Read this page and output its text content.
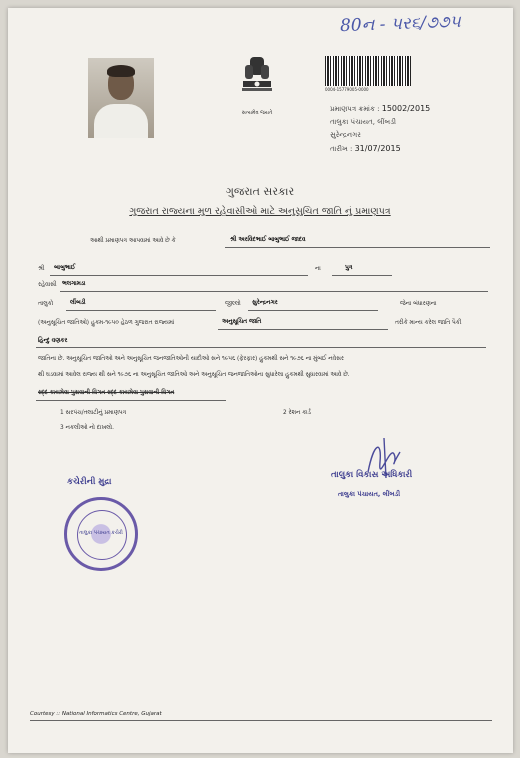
80ન - પર૬/૭૭૫
સત્યમેવ જયતે
0004-15779005-0000
પ્રમાણપત્ર ક્રમાંક : 15002/2015
તાલુકા પંચાયત, લીંબડી
સુરેન્દ્રનગર
તારીખ : 31/07/2015
ગુજરાત સરકાર
ગુજરાત રાજ્યના મુળ રહેવાસીઓ માટે અનુસુચિત જાતિ નું પ્રમાણપત્ર
આથી પ્રમાણપત્ર આપવામાં આવે છે કે	શ્રી અરવિંદભાઈ બાબુભાઈ જાદવ
શ્રી બાબુભાઈ	ના	પુત્ર
રહેવાસી ભલગામડા
તાલુકો	લીંબડી	જીલ્લો સુરેન્દ્રનગર	જેના બંધારણના
(અનુસૂચિત જાતિઓ) હુકમ-૧૯૫૦ હેઠળ ગુજરાત રાજ્યમાં	અનુસૂચિત જાતિ	તરીકે માન્ય કરેલ જાતિ પૈકી
હિન્દુ વણકર
જાતિના છે. અનુસૂચિત જાતિઓ અને અનુસૂચિત જનજાતિઓની યાદીઓ સને ૧૯૫૬ (ફેરફાર) હુકમથી સને ૧૯૭૬ ના મુંબઈ નવેસર
થી ઘડવામાં આવેલ રાજ્ય થી સને ૧૯૭૬ ના અનુસૂચિત જાતિઓ અને અનુસૂચિત જનજાતિઓના સુધારેલા હુકમથી સુધારવામાં આવે છે.
રદ્દ કાયમેવા પુરાવાની વિગત રદ્દ કાયમેવા પુરાવાની વિગત
1 સરપંચ/તલાટીનું પ્રમાણપત્ર	2 રેશન કાર્ડ
3 નકલીઓ નો દાખલો.
તાલુકા વિકાસ અધિકારી
તાલુકા પંચાયત, લીંબડી
કચેરીની મુદ્રા
તાલુકા પંચાયત કચેરી
Courtesy :: National Informatics Centre, Gujarat
